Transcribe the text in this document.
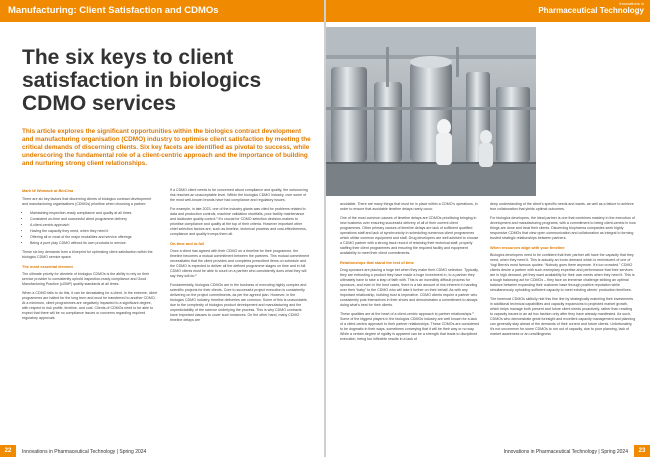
Manufacturing: Client Satisfaction and CDMOs
The six keys to client satisfaction in biologics CDMO services

This article explores the significant opportunities within the biologics contract development and manufacturing organisation (CDMO) industry to optimise client satisfaction by meeting the critical demands of discerning clients. Six key facets are identified as pivotal to success, while underscoring the fundamental role of a client-centric approach and the importance of building and nurturing strong client relationships.

Mark W Womack at BioCina

There are six key factors that discerning clients of biologics contract development and manufacturing organisations (CDMOs) prioritise when choosing a partner:

• Maintaining inspection-ready compliance and quality at all times
• Consistent on-time and successful client programme delivery
• A client-centric approach
• Having the capacity they need, when they need it
• Offering all or most of the major modalities and service offerings
• Being a pure play CDMO without its own products to service.

These six key demands form a blueprint for optimising client satisfaction within the biologics CDMO service space.

The most essential element

The ultimate priority for clientele of biologics CDMOs is the ability to rely on their service provider to consistently uphold inspection-ready compliance and Good Manufacturing Practice (cGMP) quality standards at all times.

When a CDMO fails to do this, it can be devastating for a client. In the extreme, client programmes are halted for the long term and must be transferred to another CDMO. At a minimum, client programmes are negatively impacted to a significant degree, with respect to risk profile, timeline, and cost. Clients of CDMOs need to be able to expect that there will be no compliance issues or concerns regarding required regulatory approvals.

If a CDMO client needs to be concerned about compliance and quality, the outsourcing risk reaches an unacceptable level. Within the biologics CDMO industry, over some of the most well-known brands have had compliance and regulatory issues.

For example, in late 2023, one of the industry giants was cited for problems related to data and production controls, machine validation shortfalls, poor facility maintenance and lackluster quality control.¹ It's crucial for CDMO selection decision-makers to prioritise compliance and quality at the top of their criteria. However important other chief selection factors are, such as timeline, technical prowess and cost-effectiveness, compliance and quality trumps them all.

On-time and in-full

Once a client has agreed with their CDMO on a timeline for their programme, the timeline becomes a mutual commitment between the partners. This mutual commitment necessitates that the client provides and completes prescribed items on schedule and the CDMO is expected to deliver all the defined programme stages on time and in full. CDMO clients must be able to count on a partner who consistently does what they will say they will do.²

Fundamentally, biologics CDMOs are in the business of executing highly complex and scientific projects for their clients. Core to successful project execution is consistently delivering on the project commitments, as per the agreed plan. However, in the biologics CDMO industry, timeline deliveries are common. Some of this is unavoidable, due to the complexity of biologics product development and manufacturing and the unpredictability of the science underlying the process. This is why CDMO contracts have important clauses to cover such instances. On the other hand, many CDMO timeline delays are

22	Innovations in Pharmaceutical Technology | Spring 2024
Innovations in
Pharmaceutical Technology

avoidable. There are many things that must be in place within a CDMO's operations, in order to ensure that avoidable timeline delays rarely occur.

One of the most common causes of timeline delays are CDMOs prioritising bringing in new business over ensuring successful delivery of all of their current client programmes. Other primary causes of timeline delays are lack of sufficient qualified operations staff and lack of synchronicity in scheduling numerous client programmes which utilise common equipment and staff. Drug developers are well advised to choose a CDMO partner with a strong track record of retaining their technical staff, properly staffing their client programmes and ensuring the required facility and equipment availability to meet their client commitments.

Relationships that stand the test of time

Drug sponsors are placing a huge bet when they make their CDMO selection. Typically, they are entrusting a product they have made a huge investment in, to a partner they ultimately have to take a leap of faith with. This is an incredibly difficult process for sponsors, and even in the best cases, there is a fair amount of risk inherent in handing over their “baby” to the CDMO who will take it further on their behalf. As with any important relationship, building trust is imperative. CDMO clients require a partner who consistently puts themselves in their shoes and demonstrates a commitment to always doing what's best for their clients.

These qualities are at the heart of a client-centric approach to partner relationships.³ Some of the biggest players in the biologics CDMOs industry are well known for a lack of a client-centric approach to their partner relationships. These CDMOs are considered to be dogmatic in their ways, sometimes conveying that it will be their way or no way. While a certain degree of rigidity is apparent can be a strength that leads to disciplined execution, being too inflexible results in a lack of

deep understanding of the client's specific needs and wants, as well as a failure to achieve true collaboration that yields optimal outcomes.

For biologics developers, the ideal partner is one that combines mastery in the execution of development and manufacturing programs, with a commitment to being client-centric in how things are done and treat their clients. Discerning biopharma companies seek highly responsive CDMOs that view open communication and collaboration as integral to forming trusted strategic relationships between partners.

When resources align with your timeline

Biologics developers need to be confident that their partner will have the capacity that they need, when they need it. This is actually an ironic demand which is reminiscent of one of Yogi Berra's most famous quotes: “Nobody goes there anymore. It's too crowded.” CDMO clients desire a partner with such exemplary expertise and performance that their services are in high demand, yet they want availability for their own needs when they need it. This is a tough balancing act for CDMOs – they face an immense challenge striking an optimal balance between expanding their customer base through positive reputation while simultaneously upholding sufficient capacity to meet existing clients' production timelines.

The foremost CDMOs skilfully ride this fine line by strategically matching their investments in additional technical capabilities and capacity expansions to projected market growth, which helps manage both present and future client needs proactively, rather than reacting to capacity issues in an ad hoc fashion only after they have already manifested. As such, CDMOs who demonstrate great foresight and excellent capacity management and planning can generally stay ahead of the demands of their current and future clients. Unfortunately, it's not uncommon for some CDMOs to run out of capacity, due to poor planning, lack of market awareness or an unwillingness

Innovations in Pharmaceutical Technology | Spring 2024	23
